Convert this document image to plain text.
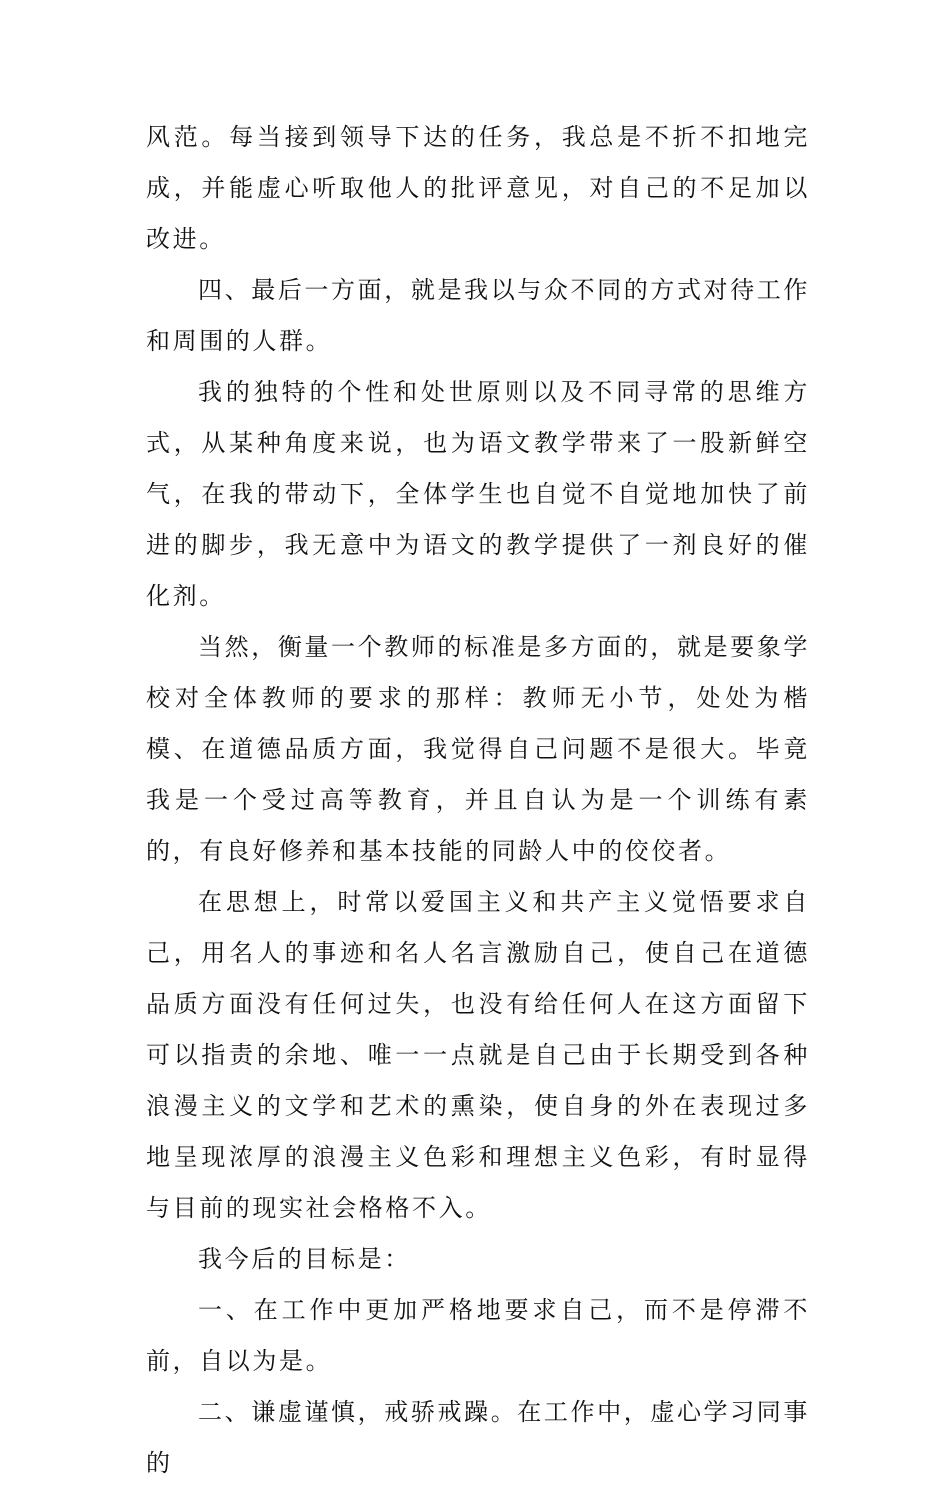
风范。每当接到领导下达的任务，我总是不折不扣地完成，并能虚心听取他人的批评意见，对自己的不足加以改进。

四、最后一方面，就是我以与众不同的方式对待工作和周围的人群。

我的独特的个性和处世原则以及不同寻常的思维方式，从某种角度来说，也为语文教学带来了一股新鲜空气，在我的带动下，全体学生也自觉不自觉地加快了前进的脚步，我无意中为语文的教学提供了一剂良好的催化剂。

当然，衡量一个教师的标准是多方面的，就是要象学校对全体教师的要求的那样：教师无小节，处处为楷模、在道德品质方面，我觉得自己问题不是很大。毕竟我是一个受过高等教育，并且自认为是一个训练有素的，有良好修养和基本技能的同龄人中的佼佼者。

在思想上，时常以爱国主义和共产主义觉悟要求自己，用名人的事迹和名人名言激励自己，使自己在道德品质方面没有任何过失，也没有给任何人在这方面留下可以指责的余地、唯一一点就是自己由于长期受到各种浪漫主义的文学和艺术的熏染，使自身的外在表现过多地呈现浓厚的浪漫主义色彩和理想主义色彩，有时显得与目前的现实社会格格不入。

我今后的目标是：

一、在工作中更加严格地要求自己，而不是停滞不前，自以为是。

二、谦虚谨慎，戒骄戒躁。在工作中，虚心学习同事的
